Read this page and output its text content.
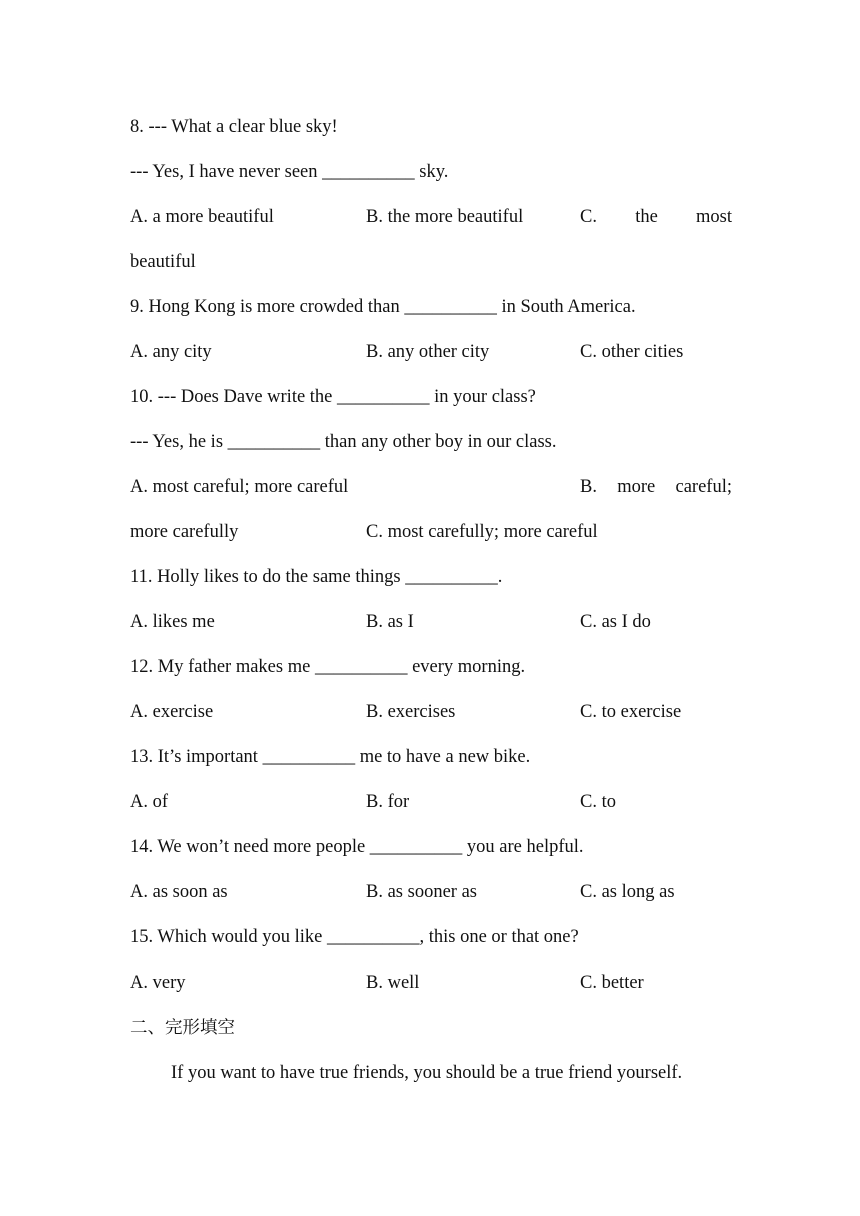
8. --- What a clear blue sky!
--- Yes, I have never seen __________ sky.
A. a more beautiful	B. the more beautiful	C. the most
beautiful
9. Hong Kong is more crowded than __________ in South America.
A. any city	B. any other city	C. other cities
10. --- Does Dave write the __________ in your class?
--- Yes, he is __________ than any other boy in our class.
A. most careful; more careful	B. more careful;
more carefully	C. most carefully; more careful
11. Holly likes to do the same things __________.
A. likes me	B. as I	C. as I do
12. My father makes me __________ every morning.
A. exercise	B. exercises	C. to exercise
13. It’s important __________ me to have a new bike.
A. of	B. for	C. to
14. We won’t need more people __________ you are helpful.
A. as soon as	B. as sooner as	C. as long as
15. Which would you like __________, this one or that one?
A. very	B. well	C. better
二、完形填空
If you want to have true friends, you should be a true friend yourself.
